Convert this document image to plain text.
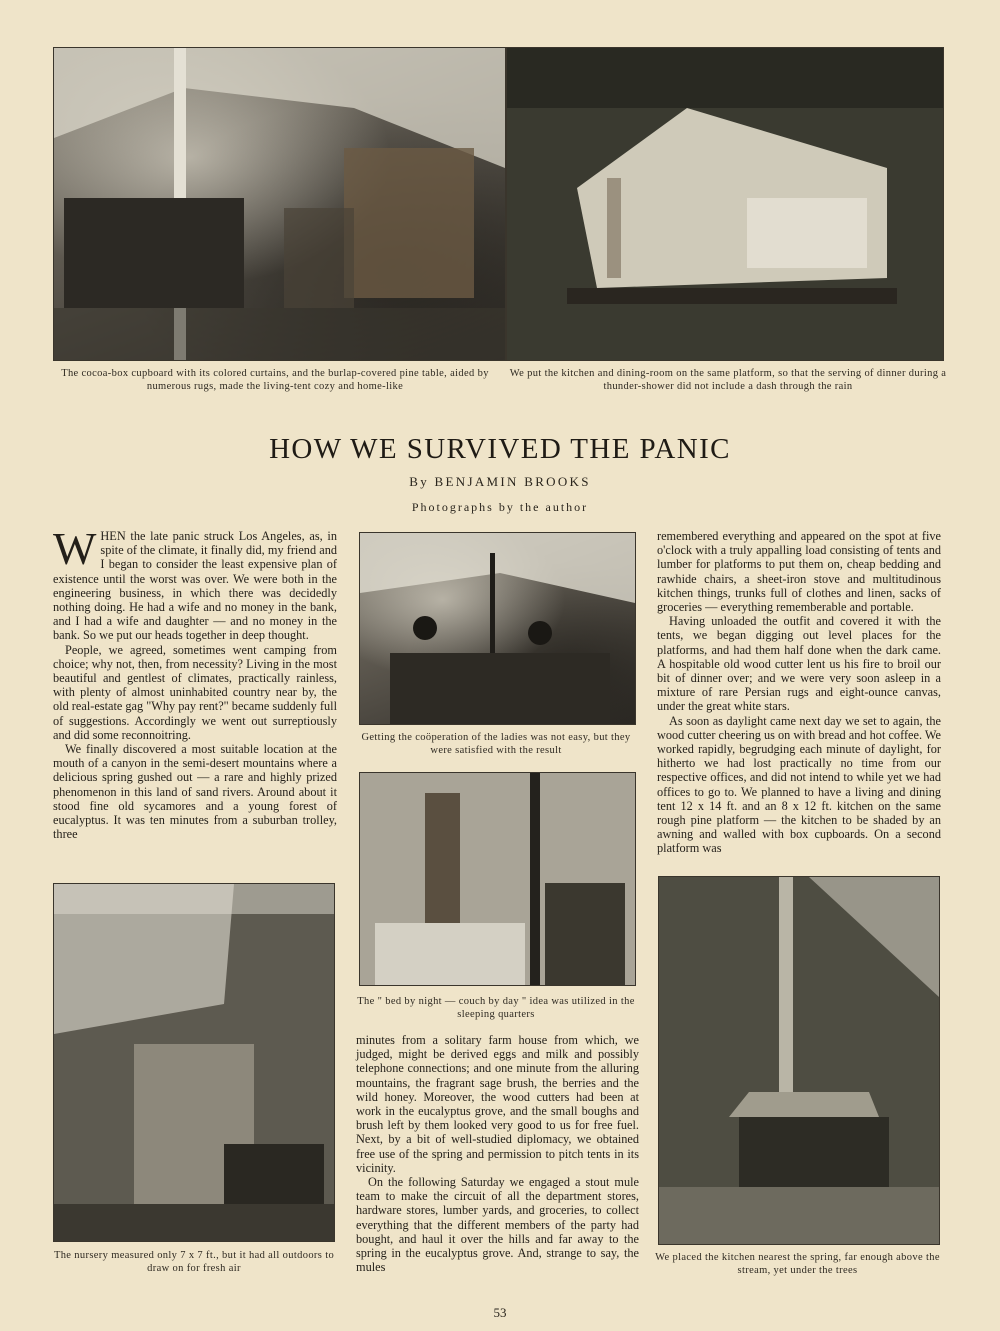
The cocoa-box cupboard with its colored curtains, and the burlap-covered pine table, aided by numerous rugs, made the living-tent cozy and home-like
We put the kitchen and dining-room on the same platform, so that the serving of dinner during a thunder-shower did not include a dash through the rain
HOW WE SURVIVED THE PANIC
By BENJAMIN BROOKS
Photographs by the author

WHEN the late panic struck Los Angeles, as, in spite of the climate, it finally did, my friend and I began to consider the least expensive plan of existence until the worst was over. We were both in the engineering business, in which there was decidedly nothing doing. He had a wife and no money in the bank, and I had a wife and daughter — and no money in the bank. So we put our heads together in deep thought.

People, we agreed, sometimes went camping from choice; why not, then, from necessity? Living in the most beautiful and gentlest of climates, practically rainless, with plenty of almost uninhabited country near by, the old real-estate gag "Why pay rent?" became suddenly full of suggestions. Accordingly we went out surreptiously and did some reconnoitring.

We finally discovered a most suitable location at the mouth of a canyon in the semi-desert mountains where a delicious spring gushed out — a rare and highly prized phenomenon in this land of sand rivers. Around about it stood fine old sycamores and a young forest of eucalyptus. It was ten minutes from a suburban trolley, three

Getting the coöperation of the ladies was not easy, but they were satisfied with the result
The " bed by night — couch by day " idea was utilized in the sleeping quarters

minutes from a solitary farm house from which, we judged, might be derived eggs and milk and possibly telephone connections; and one minute from the alluring mountains, the fragrant sage brush, the berries and the wild honey. Moreover, the wood cutters had been at work in the eucalyptus grove, and the small boughs and brush left by them looked very good to us for free fuel. Next, by a bit of well-studied diplomacy, we obtained free use of the spring and permission to pitch tents in its vicinity.

On the following Saturday we engaged a stout mule team to make the circuit of all the department stores, hardware stores, lumber yards, and groceries, to collect everything that the different members of the party had bought, and haul it over the hills and far away to the spring in the eucalyptus grove. And, strange to say, the mules

remembered everything and appeared on the spot at five o'clock with a truly appalling load consisting of tents and lumber for platforms to put them on, cheap bedding and rawhide chairs, a sheet-iron stove and multitudinous kitchen things, trunks full of clothes and linen, sacks of groceries — everything rememberable and portable.

Having unloaded the outfit and covered it with the tents, we began digging out level places for the platforms, and had them half done when the dark came. A hospitable old wood cutter lent us his fire to broil our bit of dinner over; and we were very soon asleep in a mixture of rare Persian rugs and eight-ounce canvas, under the great white stars.

As soon as daylight came next day we set to again, the wood cutter cheering us on with bread and hot coffee. We worked rapidly, begrudging each minute of daylight, for hitherto we had lost practically no time from our respective offices, and did not intend to while yet we had offices to go to. We planned to have a living and dining tent 12 x 14 ft. and an 8 x 12 ft. kitchen on the same rough pine platform — the kitchen to be shaded by an awning and walled with box cupboards. On a second platform was

The nursery measured only 7 x 7 ft., but it had all outdoors to draw on for fresh air
We placed the kitchen nearest the spring, far enough above the stream, yet under the trees
53
